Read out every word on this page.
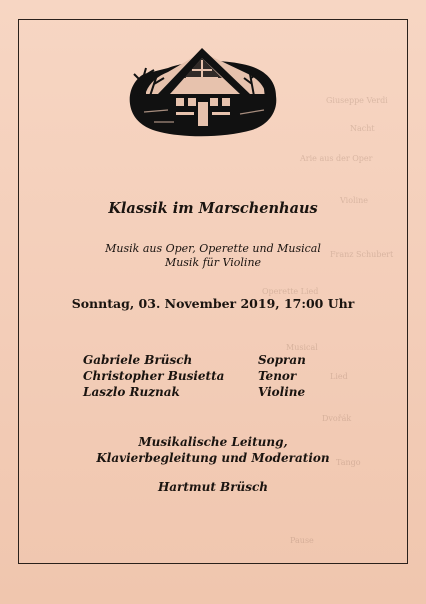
Giuseppe Verdi
Nacht
Arie aus der Oper
Violine
Franz Schubert
Operette Lied
Musical
Lied
Dvořák
Tango
Pause
Klassik im Marschenhaus
Musik aus Oper, Operette und Musical
Musik für Violine
Sonntag, 03. November 2019, 17:00 Uhr
Gabriele Brüsch	Sopran
Christopher Busietta	Tenor
Laszlo Ruznak	Violine
Musikalische Leitung,
Klavierbegleitung und Moderation
Hartmut Brüsch
